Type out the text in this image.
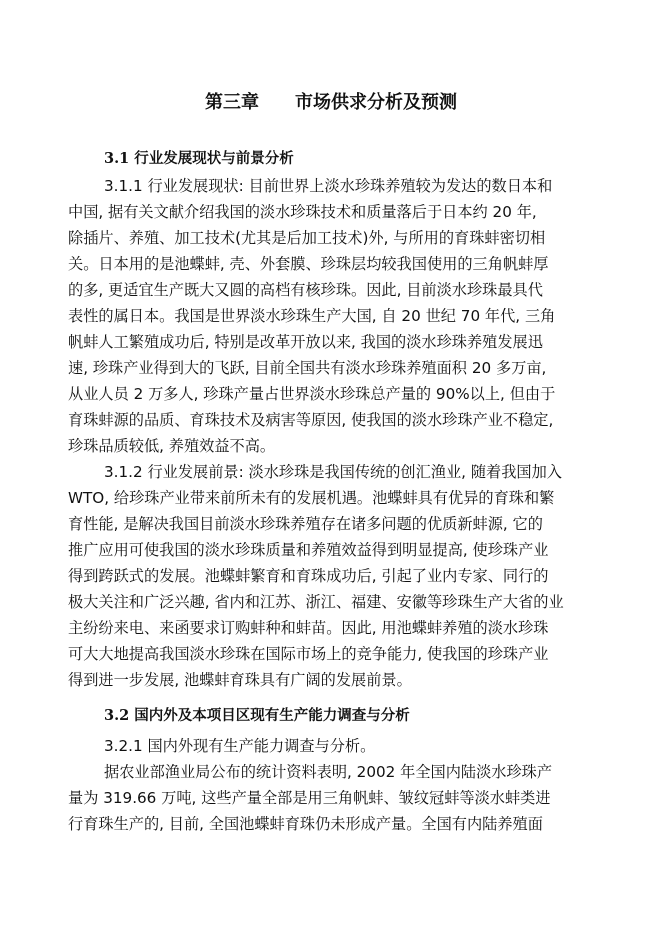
第三章　　市场供求分析及预测
3.1 行业发展现状与前景分析

3.1.1 行业发展现状: 目前世界上淡水珍珠养殖较为发达的数日本和

中国, 据有关文献介绍我国的淡水珍珠技术和质量落后于日本约 20 年,

除插片、养殖、加工技术(尤其是后加工技术)外, 与所用的育珠蚌密切相

关。日本用的是池蝶蚌, 壳、外套膜、珍珠层均较我国使用的三角帆蚌厚

的多, 更适宜生产既大又圆的高档有核珍珠。因此, 目前淡水珍珠最具代

表性的属日本。我国是世界淡水珍珠生产大国, 自 20 世纪 70 年代, 三角

帆蚌人工繁殖成功后, 特别是改革开放以来, 我国的淡水珍珠养殖发展迅

速, 珍珠产业得到大的飞跃, 目前全国共有淡水珍珠养殖面积 20 多万亩,

从业人员 2 万多人, 珍珠产量占世界淡水珍珠总产量的 90%以上, 但由于

育珠蚌源的品质、育珠技术及病害等原因, 使我国的淡水珍珠产业不稳定,

珍珠品质较低, 养殖效益不高。

3.1.2 行业发展前景: 淡水珍珠是我国传统的创汇渔业, 随着我国加入

WTO, 给珍珠产业带来前所未有的发展机遇。池蝶蚌具有优异的育珠和繁

育性能, 是解决我国目前淡水珍珠养殖存在诸多问题的优质新蚌源, 它的

推广应用可使我国的淡水珍珠质量和养殖效益得到明显提高, 使珍珠产业

得到跨跃式的发展。池蝶蚌繁育和育珠成功后, 引起了业内专家、同行的

极大关注和广泛兴趣, 省内和江苏、浙江、福建、安徽等珍珠生产大省的业

主纷纷来电、来函要求订购蚌种和蚌苗。因此, 用池蝶蚌养殖的淡水珍珠

可大大地提高我国淡水珍珠在国际市场上的竞争能力, 使我国的珍珠产业

得到进一步发展, 池蝶蚌育珠具有广阔的发展前景。

3.2 国内外及本项目区现有生产能力调查与分析

3.2.1 国内外现有生产能力调查与分析。

据农业部渔业局公布的统计资料表明, 2002 年全国内陆淡水珍珠产

量为 319.66 万吨, 这些产量全部是用三角帆蚌、皱纹冠蚌等淡水蚌类进

行育珠生产的, 目前, 全国池蝶蚌育珠仍未形成产量。全国有内陆养殖面
